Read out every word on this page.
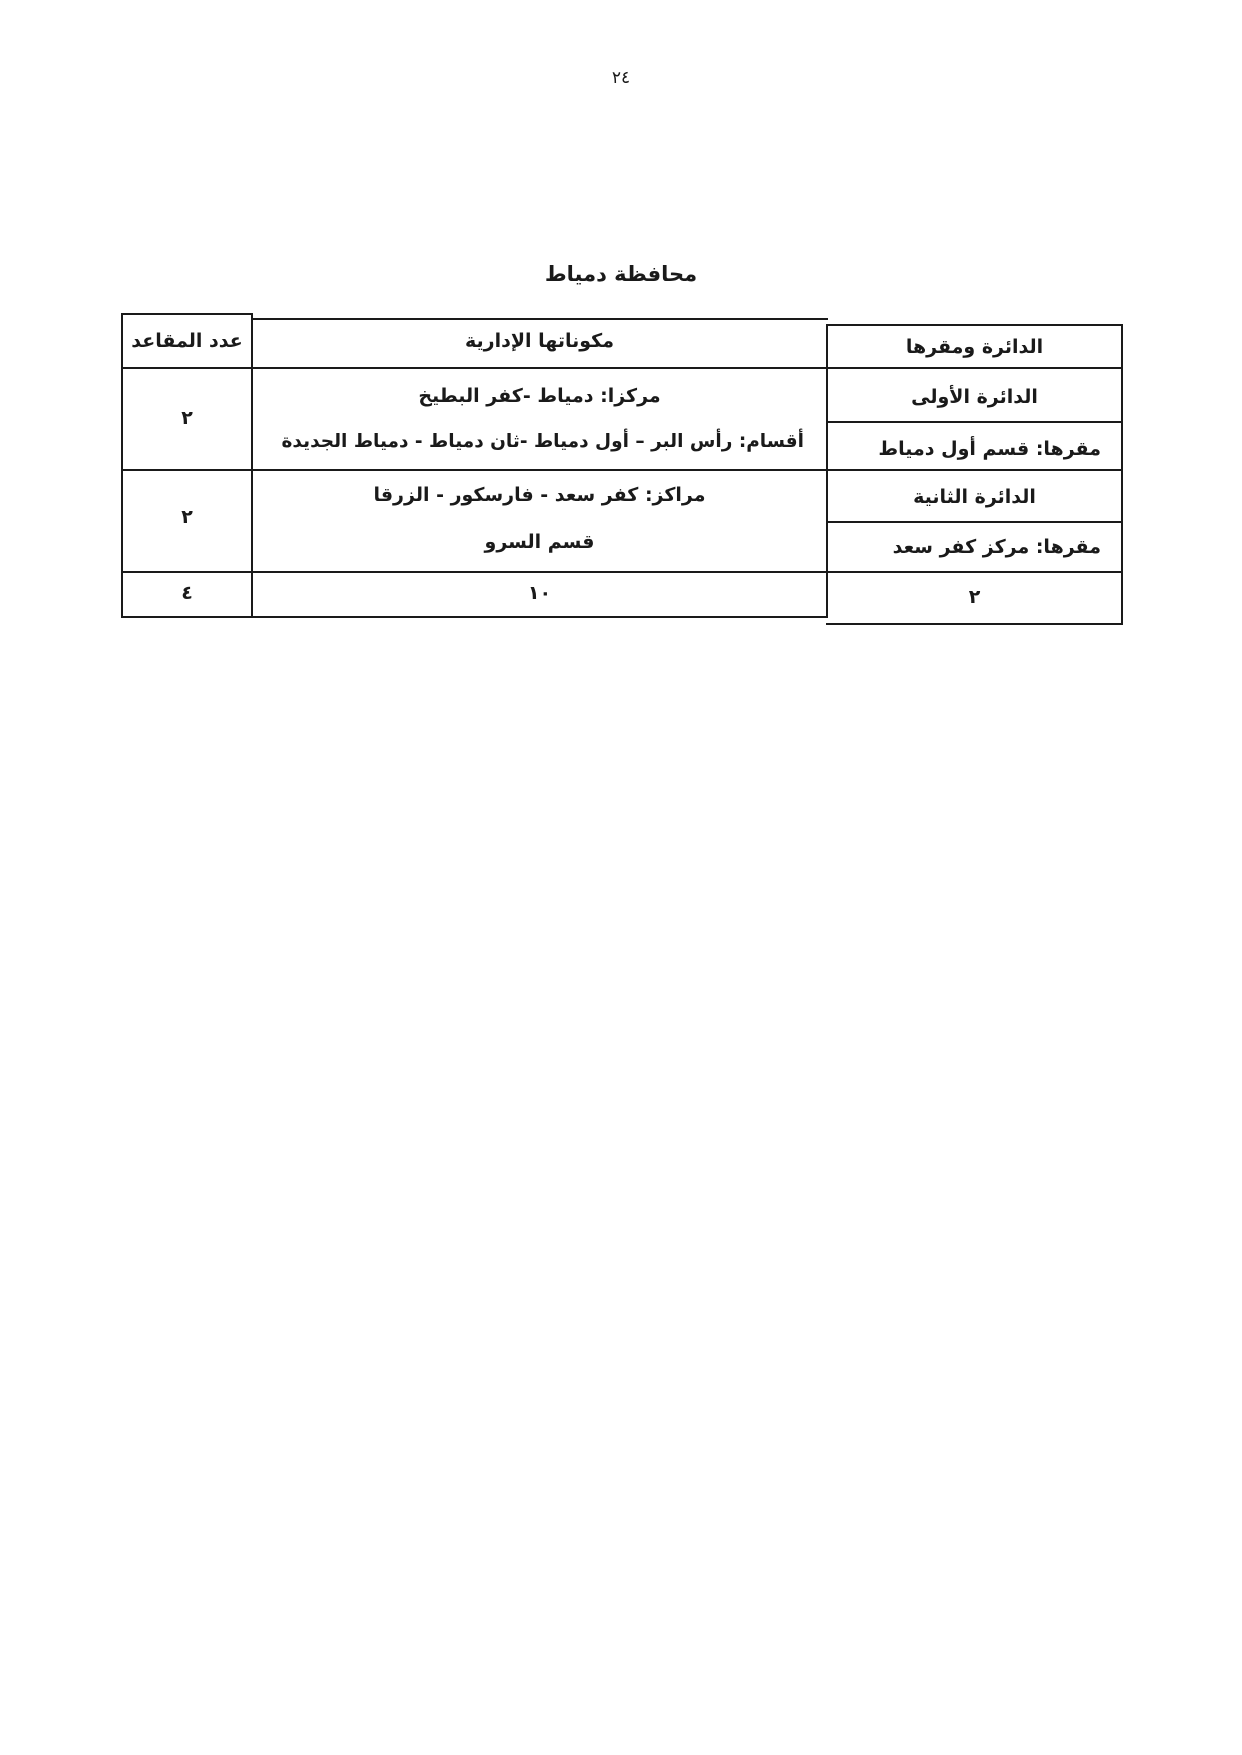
٢٤
محافظة دمياط
الدائرة ومقرها
مكوناتها الإدارية
عدد المقاعد
الدائرة الأولى
مقرها: قسم أول دمياط
مركزا: دمياط -كفر البطيخ
أقسام: رأس البر – أول دمياط -ثان دمياط - دمياط الجديدة
٢
الدائرة الثانية
مقرها: مركز كفر سعد
مراكز: كفر سعد - فارسكور - الزرقا
قسم السرو
٢
٢
١٠
٤
